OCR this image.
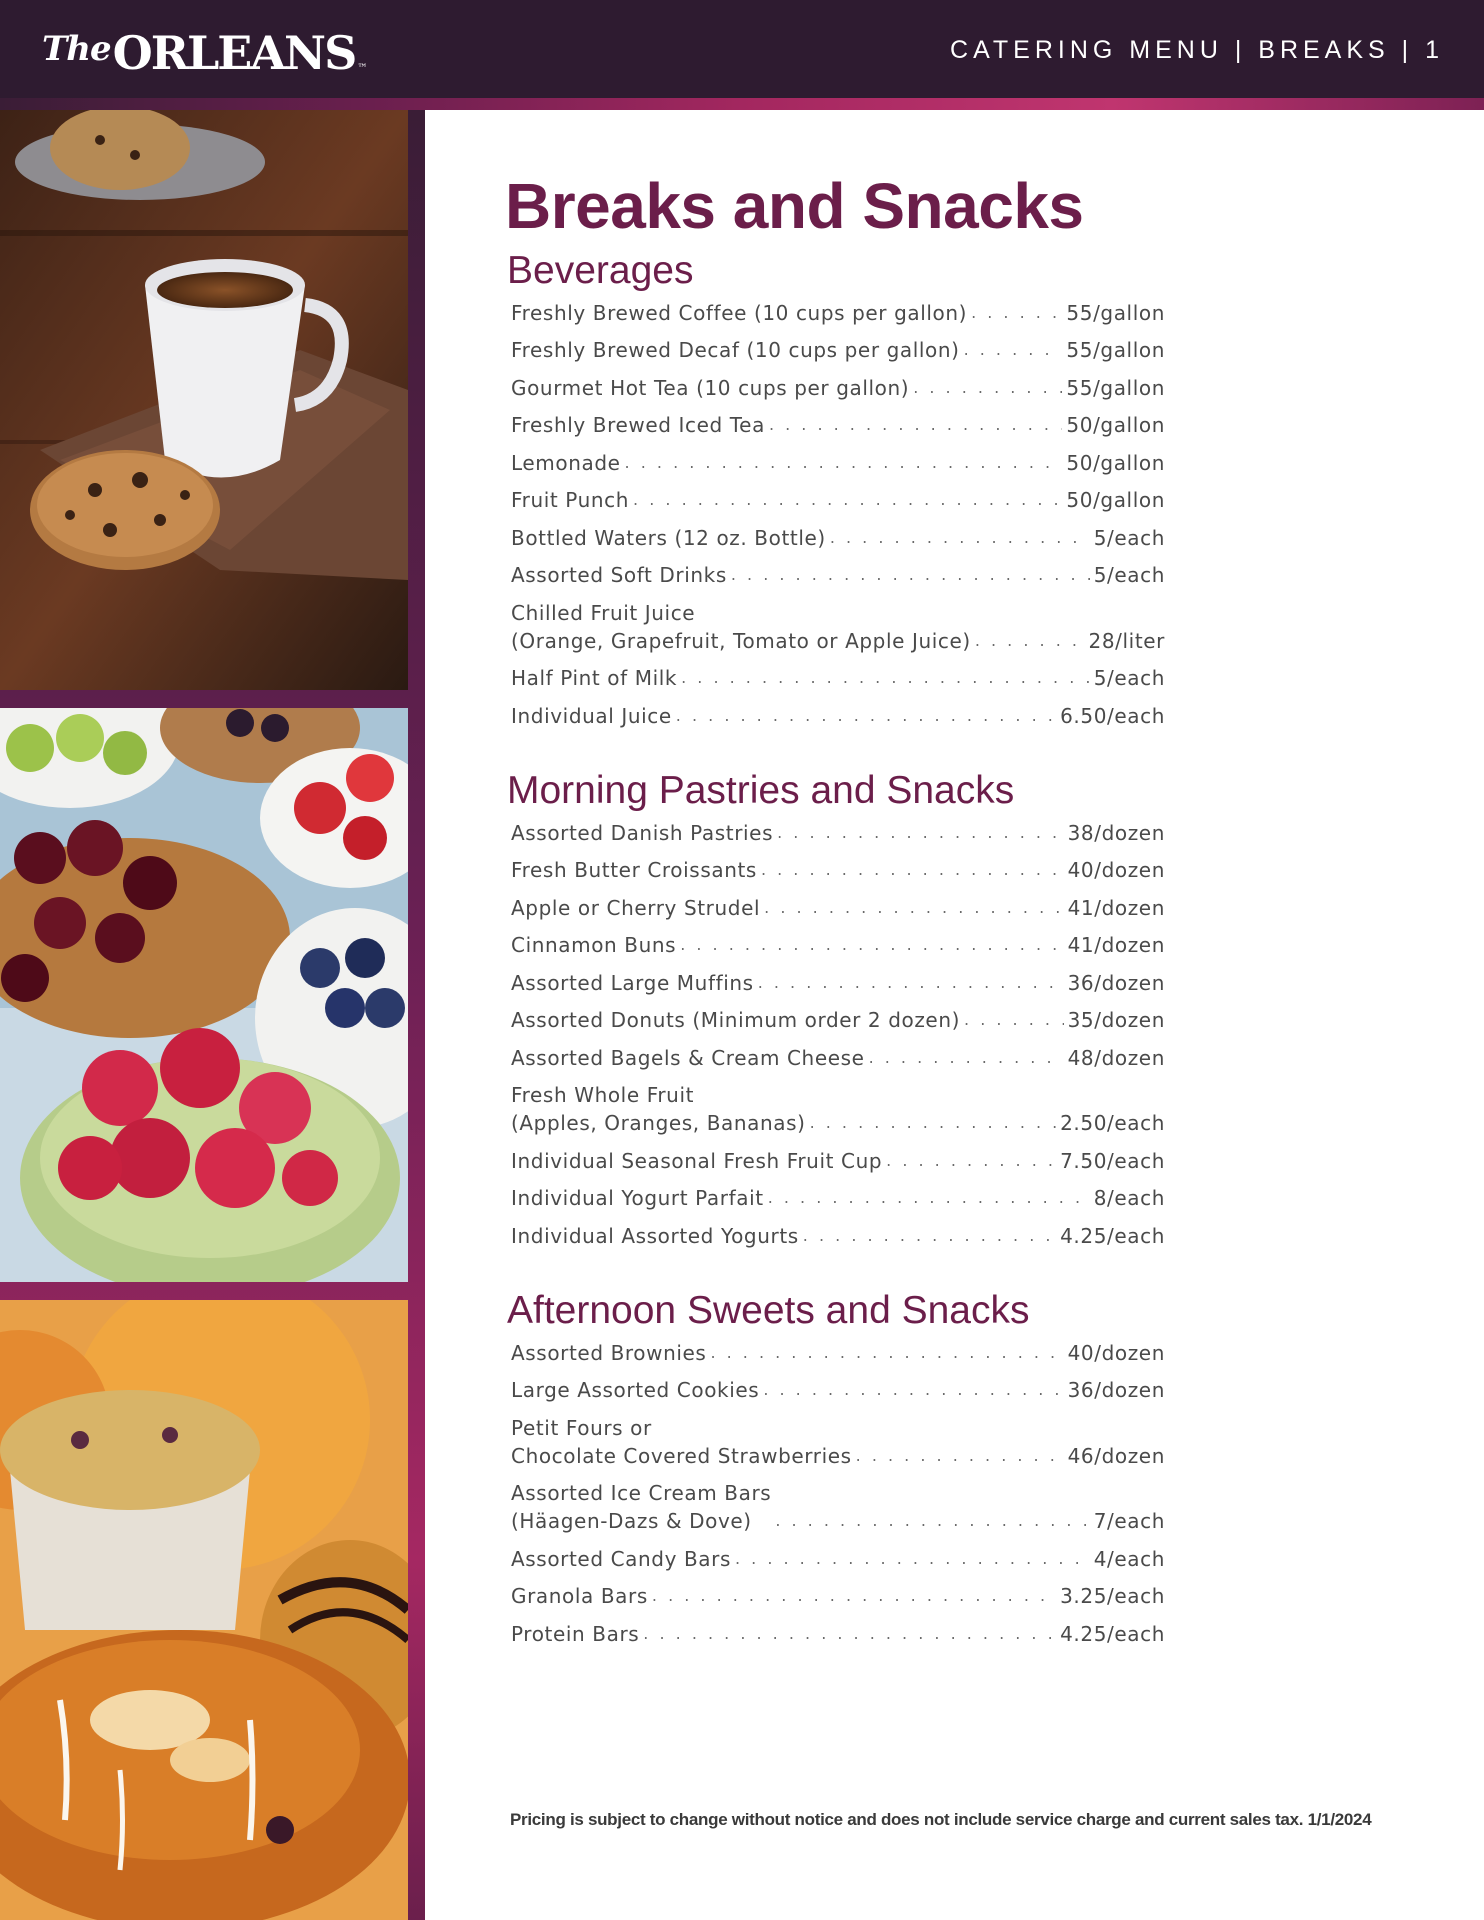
The ORLEANS ™
CATERING MENU | BREAKS | 1
Breaks and Snacks
Beverages
Freshly Brewed Coffee (10 cups per gallon) . . .	55/gallon
Freshly Brewed Decaf (10 cups per gallon) . . .	55/gallon
Gourmet Hot Tea (10 cups per gallon) . . .	55/gallon
Freshly Brewed Iced Tea . . .	50/gallon
Lemonade . . .	50/gallon
Fruit Punch . . .	50/gallon
Bottled Waters (12 oz. Bottle) . . .	5/each
Assorted Soft Drinks . . .	5/each
Chilled Fruit Juice
(Orange, Grapefruit, Tomato or Apple Juice) . . .	28/liter
Half Pint of Milk . . .	5/each
Individual Juice . . .	6.50/each
Morning Pastries and Snacks
Assorted Danish Pastries . . .	38/dozen
Fresh Butter Croissants . . .	40/dozen
Apple or Cherry Strudel . . .	41/dozen
Cinnamon Buns . . .	41/dozen
Assorted Large Muffins . . .	36/dozen
Assorted Donuts (Minimum order 2 dozen) . . .	35/dozen
Assorted Bagels & Cream Cheese . . .	48/dozen
Fresh Whole Fruit
(Apples, Oranges, Bananas) . . .	2.50/each
Individual Seasonal Fresh Fruit Cup . . .	7.50/each
Individual Yogurt Parfait . . .	8/each
Individual Assorted Yogurts . . .	4.25/each
Afternoon Sweets and Snacks
Assorted Brownies . . .	40/dozen
Large Assorted Cookies . . .	36/dozen
Petit Fours or
Chocolate Covered Strawberries . . .	46/dozen
Assorted Ice Cream Bars
(Häagen-Dazs & Dove) . . .	7/each
Assorted Candy Bars . . .	4/each
Granola Bars . . .	3.25/each
Protein Bars . . .	4.25/each
Pricing is subject to change without notice and does not include service charge and current sales tax. 1/1/2024
